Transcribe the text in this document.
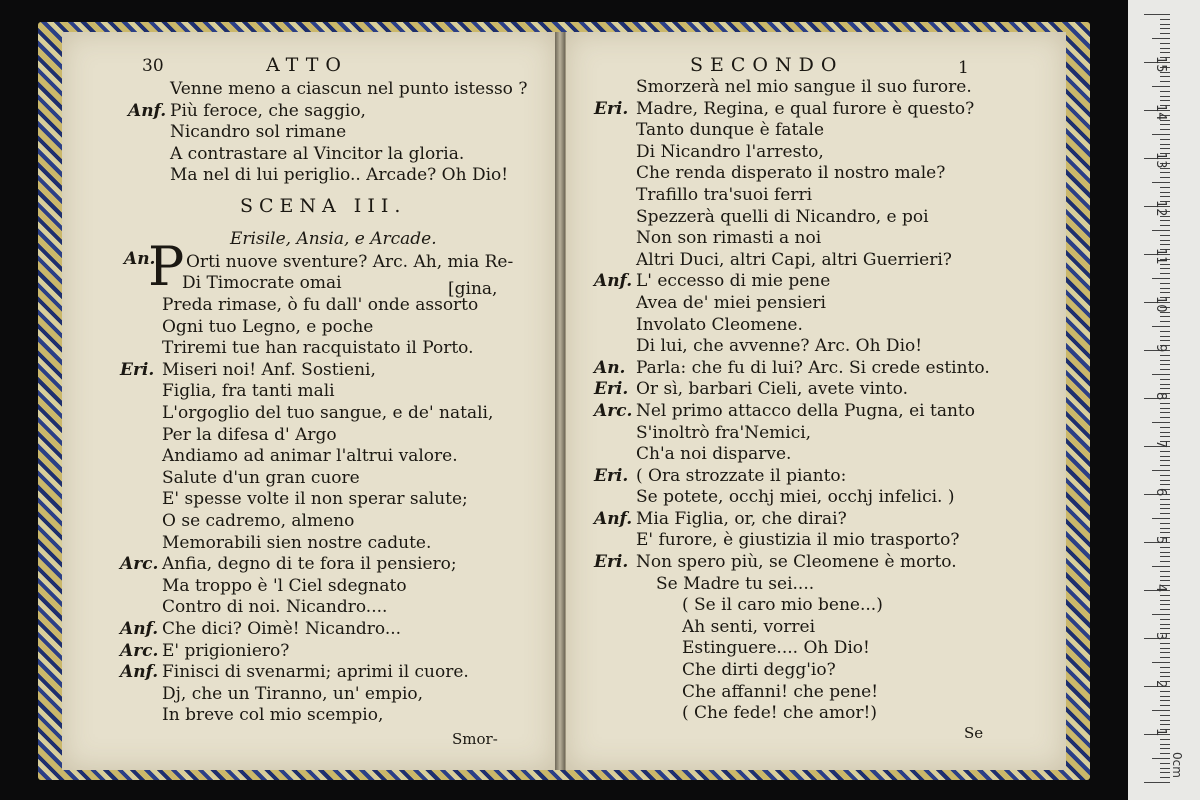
30	ATTO
Venne meno a ciascun nel punto istesso ?
Anf. Più feroce, che saggio,
Nicandro sol rimane
A contrastare al Vincitor la gloria.
Ma nel di lui periglio.. Arcade? Oh Dio!
SCENA III.
Erisile, Ansia, e Arcade.
An.
P Orti nuove sventure? Arc. Ah, mia Re-
Di Timocrate omai	[gina,
Preda rimase, ò fu dall' onde assorto
Ogni tuo Legno, e poche
Triremi tue han racquistato il Porto.
Eri. Miseri noi! Anf. Sostieni,
Figlia, fra tanti mali
L'orgoglio del tuo sangue, e de' natali,
Per la difesa d' Argo
Andiamo ad animar l'altrui valore.
Salute d'un gran cuore
E' spesse volte il non sperar salute;
O se cadremo, almeno
Memorabili sien nostre cadute.
Arc. Anfia, degno di te fora il pensiero;
Ma troppo è 'l Ciel sdegnato
Contro di noi. Nicandro....
Anf. Che dici? Oimè! Nicandro...
Arc. E' prigioniero?
Anf. Finisci di svenarmi; aprimi il cuore.
Dj, che un Tiranno, un' empio,
In breve col mio scempio,
Smor-
SECONDO	1
Smorzerà nel mio sangue il suo furore.
Eri. Madre, Regina, e qual furore è questo?
Tanto dunque è fatale
Di Nicandro l'arresto,
Che renda disperato il nostro male?
Trafillo tra'suoi ferri
Spezzerà quelli di Nicandro, e poi
Non son rimasti a noi
Altri Duci, altri Capi, altri Guerrieri?
Anf. L' eccesso di mie pene
Avea de' miei pensieri
Involato Cleomene.
Di lui, che avvenne? Arc. Oh Dio!
An. Parla: che fu di lui? Arc. Si crede estinto.
Eri. Or sì, barbari Cieli, avete vinto.
Arc. Nel primo attacco della Pugna, ei tanto
S'inoltrò fra'Nemici,
Ch'a noi disparve.
Eri. ( Ora strozzate il pianto:
Se potete, occhj miei, occhj infelici. )
Anf. Mia Figlia, or, che dirai?
E' furore, è giustizia il mio trasporto?
Eri. Non spero più, se Cleomene è morto.
Se Madre tu sei....
( Se il caro mio bene...)
Ah senti, vorrei
Estinguere.... Oh Dio!
Che dirti degg'io?
Che affanni! che pene!
( Che fede! che amor!)
Se
0cm
1
2
3
4
5
6
7
8
9
10
11
12
13
14
15
